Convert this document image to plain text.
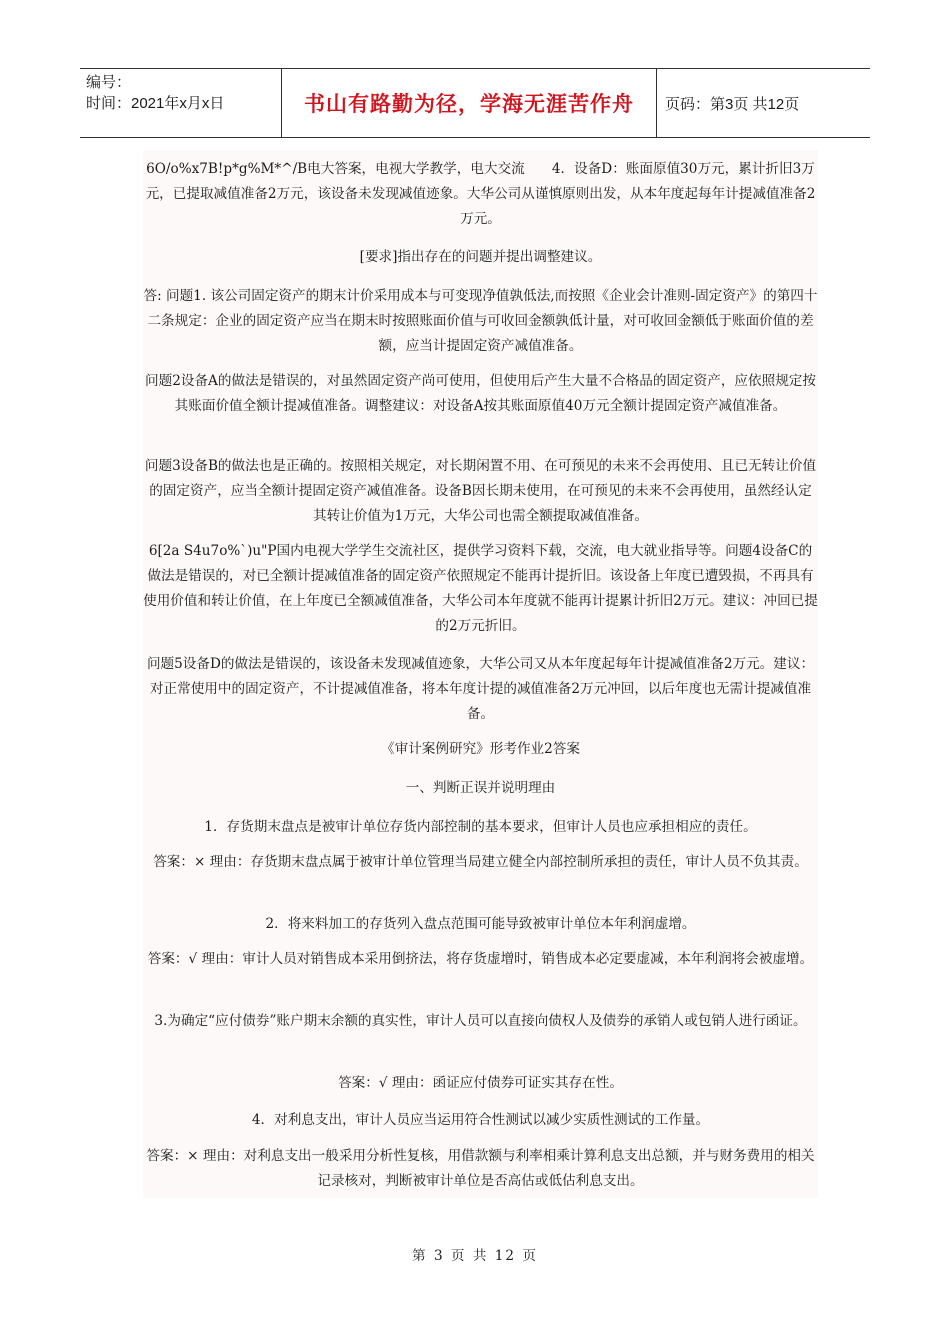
编号：
时间：2021年x月x日	书山有路勤为径，学海无涯苦作舟	页码：第3页 共12页

6O/o%x7B!p*g%M*^/B电大答案，电视大学教学，电大交流　　4．设备D：账面原值30万元，累计折旧3万元，已提取减值准备2万元，该设备未发现减值迹象。大华公司从谨慎原则出发，从本年度起每年计提减值准备2万元。

[要求]指出存在的问题并提出调整建议。

答: 问题1. 该公司固定资产的期末计价采用成本与可变现净值孰低法,而按照《企业会计准则-固定资产》的第四十二条规定：企业的固定资产应当在期末时按照账面价值与可收回金额孰低计量，对可收回金额低于账面价值的差额，应当计提固定资产减值准备。

问题2设备A的做法是错误的，对虽然固定资产尚可使用，但使用后产生大量不合格品的固定资产，应依照规定按其账面价值全额计提减值准备。调整建议：对设备A按其账面原值40万元全额计提固定资产减值准备。

问题3设备B的做法也是正确的。按照相关规定，对长期闲置不用、在可预见的未来不会再使用、且已无转让价值的固定资产，应当全额计提固定资产减值准备。设备B因长期未使用，在可预见的未来不会再使用，虽然经认定其转让价值为1万元，大华公司也需全额提取减值准备。

6[2a S4u7o%`)u"P国内电视大学学生交流社区，提供学习资料下载，交流，电大就业指导等。问题4设备C的做法是错误的，对已全额计提减值准备的固定资产依照规定不能再计提折旧。该设备上年度已遭毁损，不再具有使用价值和转让价值，在上年度已全额减值准备，大华公司本年度就不能再计提累计折旧2万元。建议：冲回已提的2万元折旧。

问题5设备D的做法是错误的，该设备未发现减值迹象，大华公司又从本年度起每年计提减值准备2万元。建议：对正常使用中的固定资产，不计提减值准备，将本年度计提的减值准备2万元冲回，以后年度也无需计提减值准备。

《审计案例研究》形考作业2答案

一、判断正误并说明理由

1．存货期末盘点是被审计单位存货内部控制的基本要求，但审计人员也应承担相应的责任。

答案：× 理由：存货期末盘点属于被审计单位管理当局建立健全内部控制所承担的责任，审计人员不负其责。

2．将来料加工的存货列入盘点范围可能导致被审计单位本年利润虚增。

答案：√ 理由：审计人员对销售成本采用倒挤法，将存货虚增时，销售成本必定要虚减，本年利润将会被虚增。

3.为确定“应付债券”账户期末余额的真实性，审计人员可以直接向债权人及债券的承销人或包销人进行函证。

答案：√ 理由：函证应付债券可证实其存在性。

4．对利息支出，审计人员应当运用符合性测试以减少实质性测试的工作量。

答案：× 理由：对利息支出一般采用分析性复核，用借款额与利率相乘计算利息支出总额，并与财务费用的相关记录核对，判断被审计单位是否高估或低估利息支出。

第 3 页 共 12 页
